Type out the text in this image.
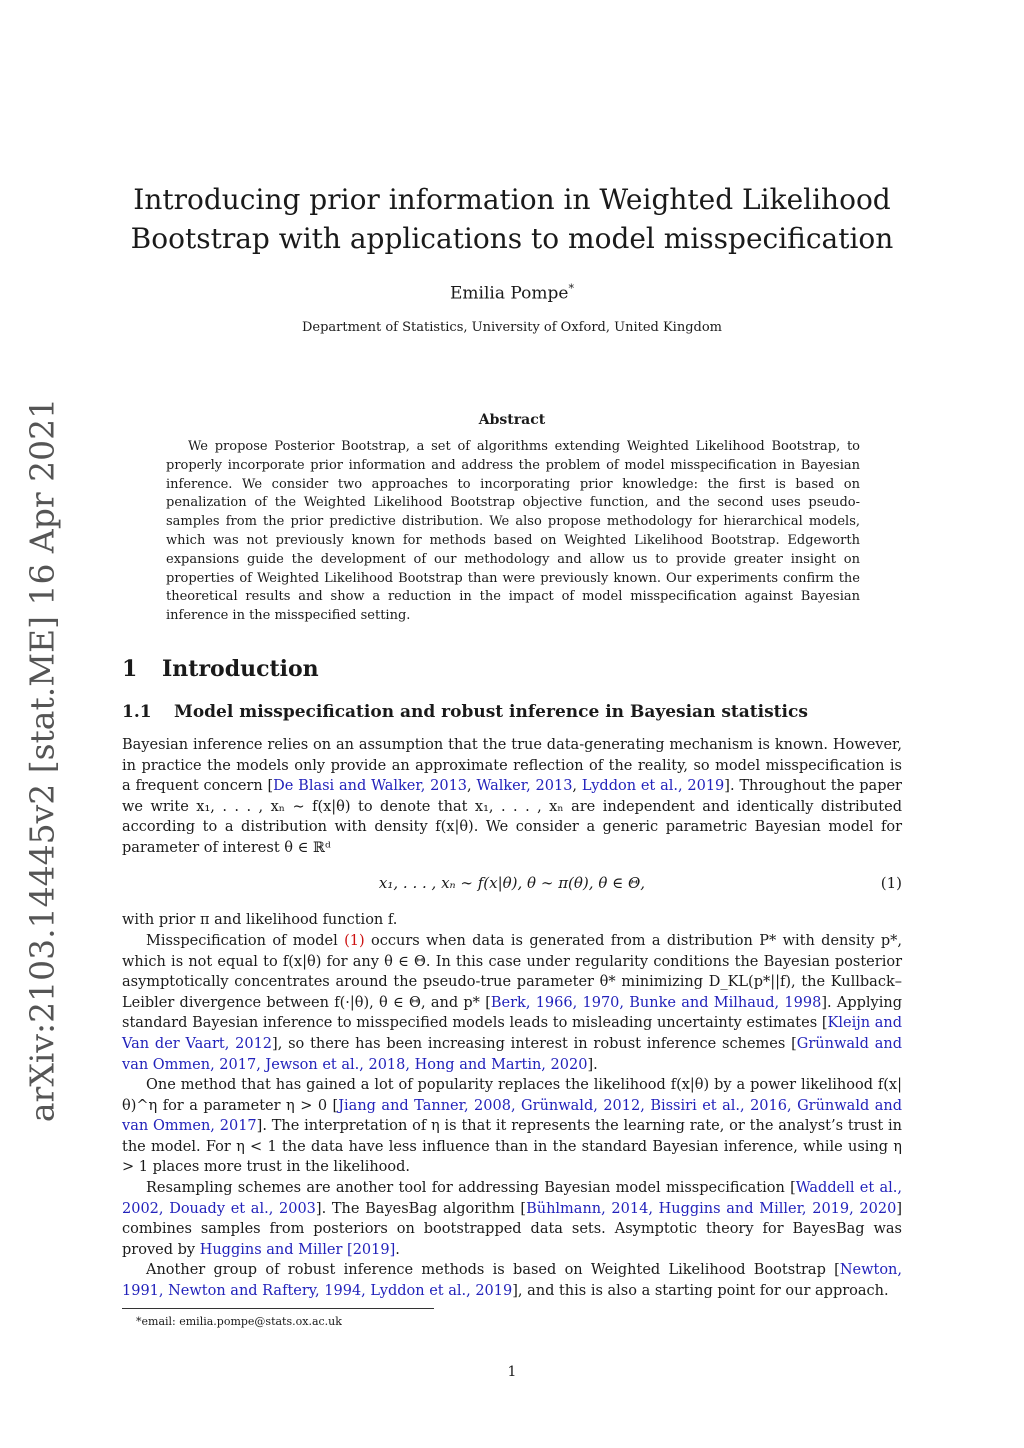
arXiv:2103.14445v2 [stat.ME] 16 Apr 2021
Introducing prior information in Weighted Likelihood Bootstrap with applications to model misspecification
Emilia Pompe*
Department of Statistics, University of Oxford, United Kingdom
Abstract

We propose Posterior Bootstrap, a set of algorithms extending Weighted Likelihood Bootstrap, to properly incorporate prior information and address the problem of model misspecification in Bayesian inference. We consider two approaches to incorporating prior knowledge: the first is based on penalization of the Weighted Likelihood Bootstrap objective function, and the second uses pseudo-samples from the prior predictive distribution. We also propose methodology for hierarchical models, which was not previously known for methods based on Weighted Likelihood Bootstrap. Edgeworth expansions guide the development of our methodology and allow us to provide greater insight on properties of Weighted Likelihood Bootstrap than were previously known. Our experiments confirm the theoretical results and show a reduction in the impact of model misspecification against Bayesian inference in the misspecified setting.

1 Introduction
1.1 Model misspecification and robust inference in Bayesian statistics

Bayesian inference relies on an assumption that the true data-generating mechanism is known. However, in practice the models only provide an approximate reflection of the reality, so model misspecification is a frequent concern [De Blasi and Walker, 2013, Walker, 2013, Lyddon et al., 2019]. Throughout the paper we write x₁, . . . , xₙ ∼ f(x|θ) to denote that x₁, . . . , xₙ are independent and identically distributed according to a distribution with density f(x|θ). We consider a generic parametric Bayesian model for parameter of interest θ ∈ ℝᵈ

x₁, . . . , xₙ ∼ f(x|θ), θ ∼ π(θ), θ ∈ Θ,	(1)

with prior π and likelihood function f.

Misspecification of model (1) occurs when data is generated from a distribution P* with density p*, which is not equal to f(x|θ) for any θ ∈ Θ. In this case under regularity conditions the Bayesian posterior asymptotically concentrates around the pseudo-true parameter θ* minimizing D_KL(p*||f), the Kullback–Leibler divergence between f(·|θ), θ ∈ Θ, and p* [Berk, 1966, 1970, Bunke and Milhaud, 1998]. Applying standard Bayesian inference to misspecified models leads to misleading uncertainty estimates [Kleijn and Van der Vaart, 2012], so there has been increasing interest in robust inference schemes [Grünwald and van Ommen, 2017, Jewson et al., 2018, Hong and Martin, 2020].

One method that has gained a lot of popularity replaces the likelihood f(x|θ) by a power likelihood f(x|θ)^η for a parameter η > 0 [Jiang and Tanner, 2008, Grünwald, 2012, Bissiri et al., 2016, Grünwald and van Ommen, 2017]. The interpretation of η is that it represents the learning rate, or the analyst’s trust in the model. For η < 1 the data have less influence than in the standard Bayesian inference, while using η > 1 places more trust in the likelihood.

Resampling schemes are another tool for addressing Bayesian model misspecification [Waddell et al., 2002, Douady et al., 2003]. The BayesBag algorithm [Bühlmann, 2014, Huggins and Miller, 2019, 2020] combines samples from posteriors on bootstrapped data sets. Asymptotic theory for BayesBag was proved by Huggins and Miller [2019].

Another group of robust inference methods is based on Weighted Likelihood Bootstrap [Newton, 1991, Newton and Raftery, 1994, Lyddon et al., 2019], and this is also a starting point for our approach.

*email: emilia.pompe@stats.ox.ac.uk
1
